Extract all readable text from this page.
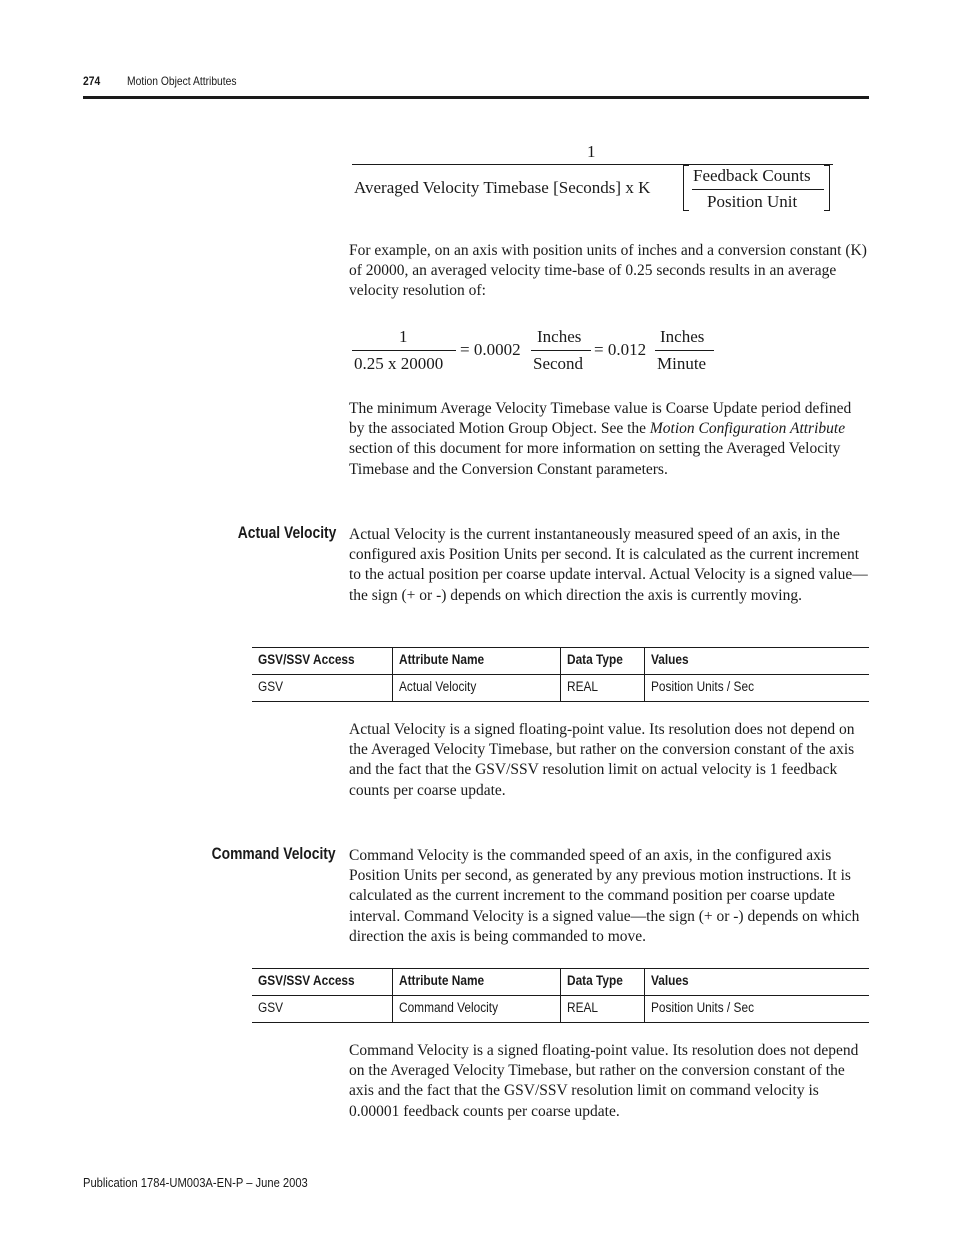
274 Motion Object Attributes
1
Averaged Velocity Timebase [Seconds] x K
Feedback Counts
Position Unit
For example, on an axis with position units of inches and a conversion constant (K) of 20000, an averaged velocity time-base of 0.25 seconds results in an average velocity resolution of:
1
0.25 x 20000
= 0.0002
Inches
Second
= 0.012
Inches
Minute
The minimum Average Velocity Timebase value is Coarse Update period defined by the associated Motion Group Object. See the Motion Configuration Attribute section of this document for more information on setting the Averaged Velocity Timebase and the Conversion Constant parameters.
Actual Velocity Actual Velocity is the current instantaneously measured speed of an axis, in the configured axis Position Units per second. It is calculated as the current increment to the actual position per coarse update interval. Actual Velocity is a signed value—the sign (+ or -) depends on which direction the axis is currently moving.
GSV/SSV Access	Attribute Name	Data Type	Values
GSV	Actual Velocity	REAL	Position Units / Sec
Actual Velocity is a signed floating-point value. Its resolution does not depend on the Averaged Velocity Timebase, but rather on the conversion constant of the axis and the fact that the GSV/SSV resolution limit on actual velocity is 1 feedback counts per coarse update.
Command Velocity Command Velocity is the commanded speed of an axis, in the configured axis Position Units per second, as generated by any previous motion instructions. It is calculated as the current increment to the command position per coarse update interval. Command Velocity is a signed value—the sign (+ or -) depends on which direction the axis is being commanded to move.
GSV/SSV Access	Attribute Name	Data Type	Values
GSV	Command Velocity	REAL	Position Units / Sec
Command Velocity is a signed floating-point value. Its resolution does not depend on the Averaged Velocity Timebase, but rather on the conversion constant of the axis and the fact that the GSV/SSV resolution limit on command velocity is 0.00001 feedback counts per coarse update.
Publication 1784-UM003A-EN-P – June 2003
